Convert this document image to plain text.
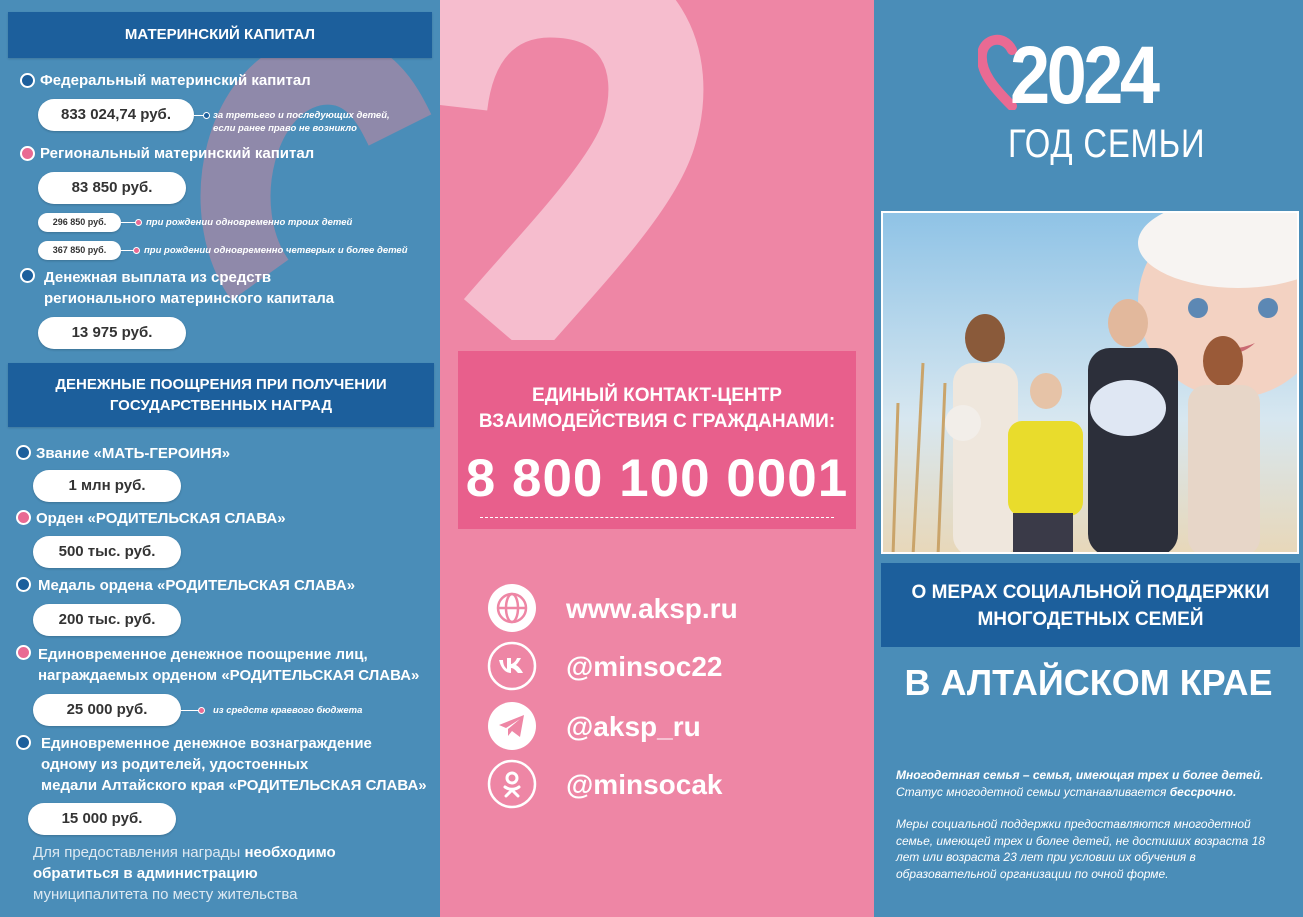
МАТЕРИНСКИЙ КАПИТАЛ
Федеральный материнский капитал
833 024,74 руб.	за третьего и последующих детей,
если ранее право не возникло
Региональный материнский капитал
83 850 руб.
296 850 руб.	при рождении одновременно троих детей
367 850 руб.	при рождении одновременно четверых и более детей
Денежная выплата из средств
регионального материнского капитала
13 975 руб.
ДЕНЕЖНЫЕ ПООЩРЕНИЯ ПРИ ПОЛУЧЕНИИ
ГОСУДАРСТВЕННЫХ НАГРАД
Звание «МАТЬ-ГЕРОИНЯ»
1 млн руб.
Орден «РОДИТЕЛЬСКАЯ СЛАВА»
500 тыс. руб.
Медаль ордена «РОДИТЕЛЬСКАЯ СЛАВА»
200 тыс. руб.
Единовременное денежное поощрение лиц,
награждаемых орденом «РОДИТЕЛЬСКАЯ СЛАВА»
25 000 руб.	из средств краевого бюджета
Единовременное денежное вознаграждение
одному из родителей, удостоенных
медали Алтайского края «РОДИТЕЛЬСКАЯ СЛАВА»
15 000 руб.
Для предоставления награды необходимо
обратиться в администрацию
муниципалитета по месту жительства
ЕДИНЫЙ КОНТАКТ-ЦЕНТР
ВЗАИМОДЕЙСТВИЯ С ГРАЖДАНАМИ:
8 800 100 0001
www.aksp.ru
@minsoc22
@aksp_ru
@minsocak
2024
ГОД СЕМЬИ
О МЕРАХ СОЦИАЛЬНОЙ ПОДДЕРЖКИ
МНОГОДЕТНЫХ СЕМЕЙ
В АЛТАЙСКОМ КРАЕ
Многодетная семья – семья, имеющая трех и более детей.
Статус многодетной семьи устанавливается бессрочно.
Меры социальной поддержки предоставляются многодетной семье, имеющей трех и более детей, не достиших возраста 18 лет или возраста 23 лет при условии их обучения в образовательной организации по очной форме.
